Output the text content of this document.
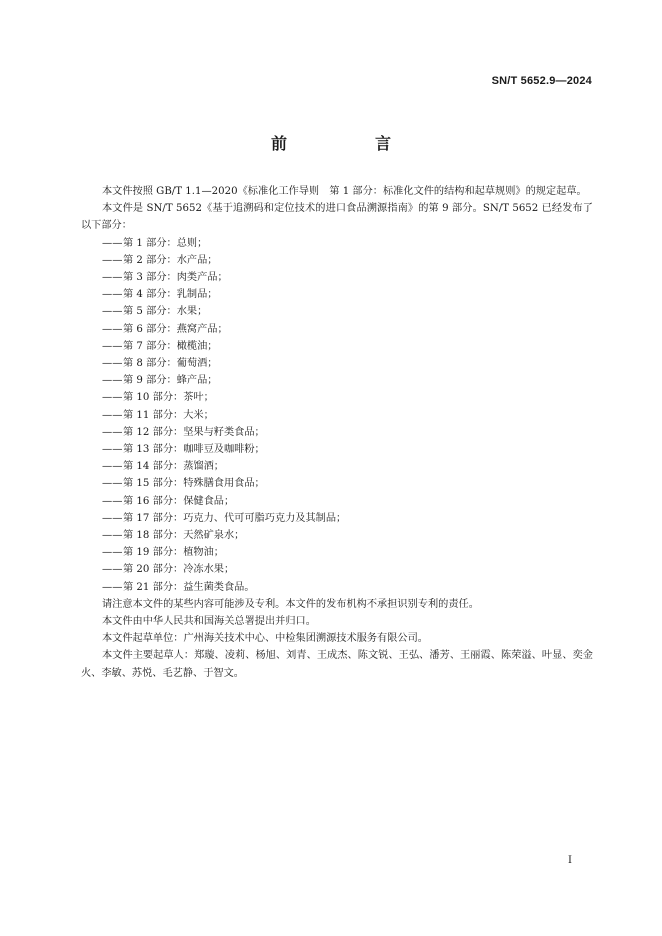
SN/T 5652.9—2024
前　言

本文件按照 GB/T 1.1—2020《标准化工作导则　第 1 部分：标准化文件的结构和起草规则》的规定起草。

本文件是 SN/T 5652《基于追溯码和定位技术的进口食品溯源指南》的第 9 部分。SN/T 5652 已经发布了以下部分：

——第 1 部分：总则；
——第 2 部分：水产品；
——第 3 部分：肉类产品；
——第 4 部分：乳制品；
——第 5 部分：水果；
——第 6 部分：燕窝产品；
——第 7 部分：橄榄油；
——第 8 部分：葡萄酒；
——第 9 部分：蜂产品；
——第 10 部分：茶叶；
——第 11 部分：大米；
——第 12 部分：坚果与籽类食品；
——第 13 部分：咖啡豆及咖啡粉；
——第 14 部分：蒸馏酒；
——第 15 部分：特殊膳食用食品；
——第 16 部分：保健食品；
——第 17 部分：巧克力、代可可脂巧克力及其制品；
——第 18 部分：天然矿泉水；
——第 19 部分：植物油；
——第 20 部分：冷冻水果；
——第 21 部分：益生菌类食品。

请注意本文件的某些内容可能涉及专利。本文件的发布机构不承担识别专利的责任。

本文件由中华人民共和国海关总署提出并归口。

本文件起草单位：广州海关技术中心、中检集团溯源技术服务有限公司。

本文件主要起草人：郑璇、凌莉、杨旭、刘青、王成杰、陈文锐、王弘、潘芳、王丽霞、陈荣溢、叶显、奕金火、李敏、苏悦、毛艺静、于智文。

I
